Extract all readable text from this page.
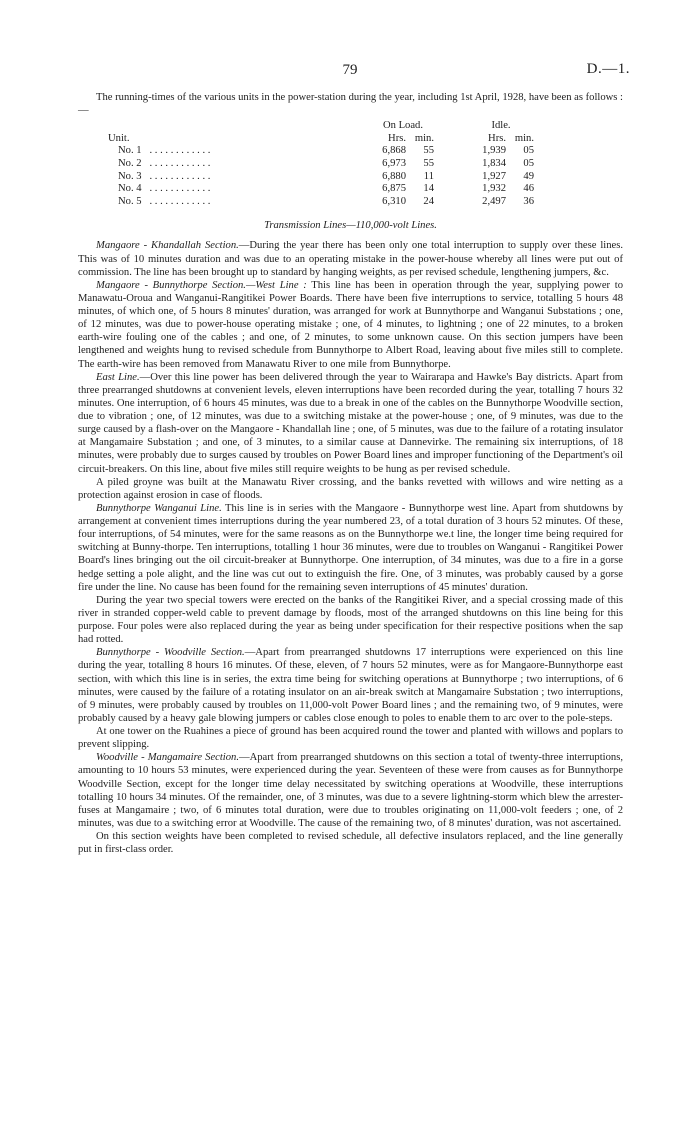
79	D.—1.

The running-times of the various units in the power-station during the year, including 1st April, 1928, have been as follows :—

	On Load.		Idle.	
Unit.	Hrs.	min.	Hrs.	min.
No. 1 . . . . . . . . . . . .	6,868	55	1,939	05
No. 2 . . . . . . . . . . . .	6,973	55	1,834	05
No. 3 . . . . . . . . . . . .	6,880	11	1,927	49
No. 4 . . . . . . . . . . . .	6,875	14	1,932	46
No. 5 . . . . . . . . . . . .	6,310	24	2,497	36
Transmission Lines—110,000-volt Lines.

Mangaore - Khandallah Section.—During the year there has been only one total interruption to supply over these lines. This was of 10 minutes duration and was due to an operating mistake in the power-house whereby all lines were put out of commission. The line has been brought up to standard by hanging weights, as per revised schedule, lengthening jumpers, &c.

Mangaore - Bunnythorpe Section.—West Line : This line has been in operation through the year, supplying power to Manawatu-Oroua and Wanganui-Rangitikei Power Boards. There have been five interruptions to service, totalling 5 hours 48 minutes, of which one, of 5 hours 8 minutes' duration, was arranged for work at Bunnythorpe and Wanganui Substations ; one, of 12 minutes, was due to power-house operating mistake ; one, of 4 minutes, to lightning ; one of 22 minutes, to a broken earth-wire fouling one of the cables ; and one, of 2 minutes, to some unknown cause. On this section jumpers have been lengthened and weights hung to revised schedule from Bunnythorpe to Albert Road, leaving about five miles still to complete. The earth-wire has been removed from Manawatu River to one mile from Bunnythorpe.

East Line.—Over this line power has been delivered through the year to Wairarapa and Hawke's Bay districts. Apart from three prearranged shutdowns at convenient levels, eleven interruptions have been recorded during the year, totalling 7 hours 32 minutes. One interruption, of 6 hours 45 minutes, was due to a break in one of the cables on the Bunnythorpe Woodville section, due to vibration ; one, of 12 minutes, was due to a switching mistake at the power-house ; one, of 9 minutes, was due to the surge caused by a flash-over on the Mangaore - Khandallah line ; one, of 5 minutes, was due to the failure of a rotating insulator at Mangamaire Substation ; and one, of 3 minutes, to a similar cause at Dannevirke. The remaining six interruptions, of 18 minutes, were probably due to surges caused by troubles on Power Board lines and improper functioning of the Department's oil circuit-breakers. On this line, about five miles still require weights to be hung as per revised schedule.

A piled groyne was built at the Manawatu River crossing, and the banks revetted with willows and wire netting as a protection against erosion in case of floods.

Bunnythorpe Wanganui Line. This line is in series with the Mangaore - Bunnythorpe west line. Apart from shutdowns by arrangement at convenient times interruptions during the year numbered 23, of a total duration of 3 hours 52 minutes. Of these, four interruptions, of 54 minutes, were for the same reasons as on the Bunnythorpe we.t line, the longer time being required for switching at Bunny-thorpe. Ten interruptions, totalling 1 hour 36 minutes, were due to troubles on Wanganui - Rangitikei Power Board's lines bringing out the oil circuit-breaker at Bunnythorpe. One interruption, of 34 minutes, was due to a fire in a gorse hedge setting a pole alight, and the line was cut out to extinguish the fire. One, of 3 minutes, was probably caused by a gorse fire under the line. No cause has been found for the remaining seven interruptions of 45 minutes' duration.

During the year two special towers were erected on the banks of the Rangitikei River, and a special crossing made of this river in stranded copper-weld cable to prevent damage by floods, most of the arranged shutdowns on this line being for this purpose. Four poles were also replaced during the year as being under specification for their respective positions when the sap had rotted.

Bunnythorpe - Woodville Section.—Apart from prearranged shutdowns 17 interruptions were experienced on this line during the year, totalling 8 hours 16 minutes. Of these, eleven, of 7 hours 52 minutes, were as for Mangaore-Bunnythorpe east section, with which this line is in series, the extra time being for switching operations at Bunnythorpe ; two interruptions, of 6 minutes, were caused by the failure of a rotating insulator on an air-break switch at Mangamaire Substation ; two interruptions, of 9 minutes, were probably caused by troubles on 11,000-volt Power Board lines ; and the remaining two, of 9 minutes, were probably caused by a heavy gale blowing jumpers or cables close enough to poles to enable them to arc over to the pole-steps.

At one tower on the Ruahines a piece of ground has been acquired round the tower and planted with willows and poplars to prevent slipping.

Woodville - Mangamaire Section.—Apart from prearranged shutdowns on this section a total of twenty-three interruptions, amounting to 10 hours 53 minutes, were experienced during the year. Seventeen of these were from causes as for Bunnythorpe Woodville Section, except for the longer time delay necessitated by switching operations at Woodville, these interruptions totalling 10 hours 34 minutes. Of the remainder, one, of 3 minutes, was due to a severe lightning-storm which blew the arrester-fuses at Mangamaire ; two, of 6 minutes total duration, were due to troubles originating on 11,000-volt feeders ; one, of 2 minutes, was due to a switching error at Woodville. The cause of the remaining two, of 8 minutes' duration, was not ascertained.

On this section weights have been completed to revised schedule, all defective insulators replaced, and the line generally put in first-class order.
